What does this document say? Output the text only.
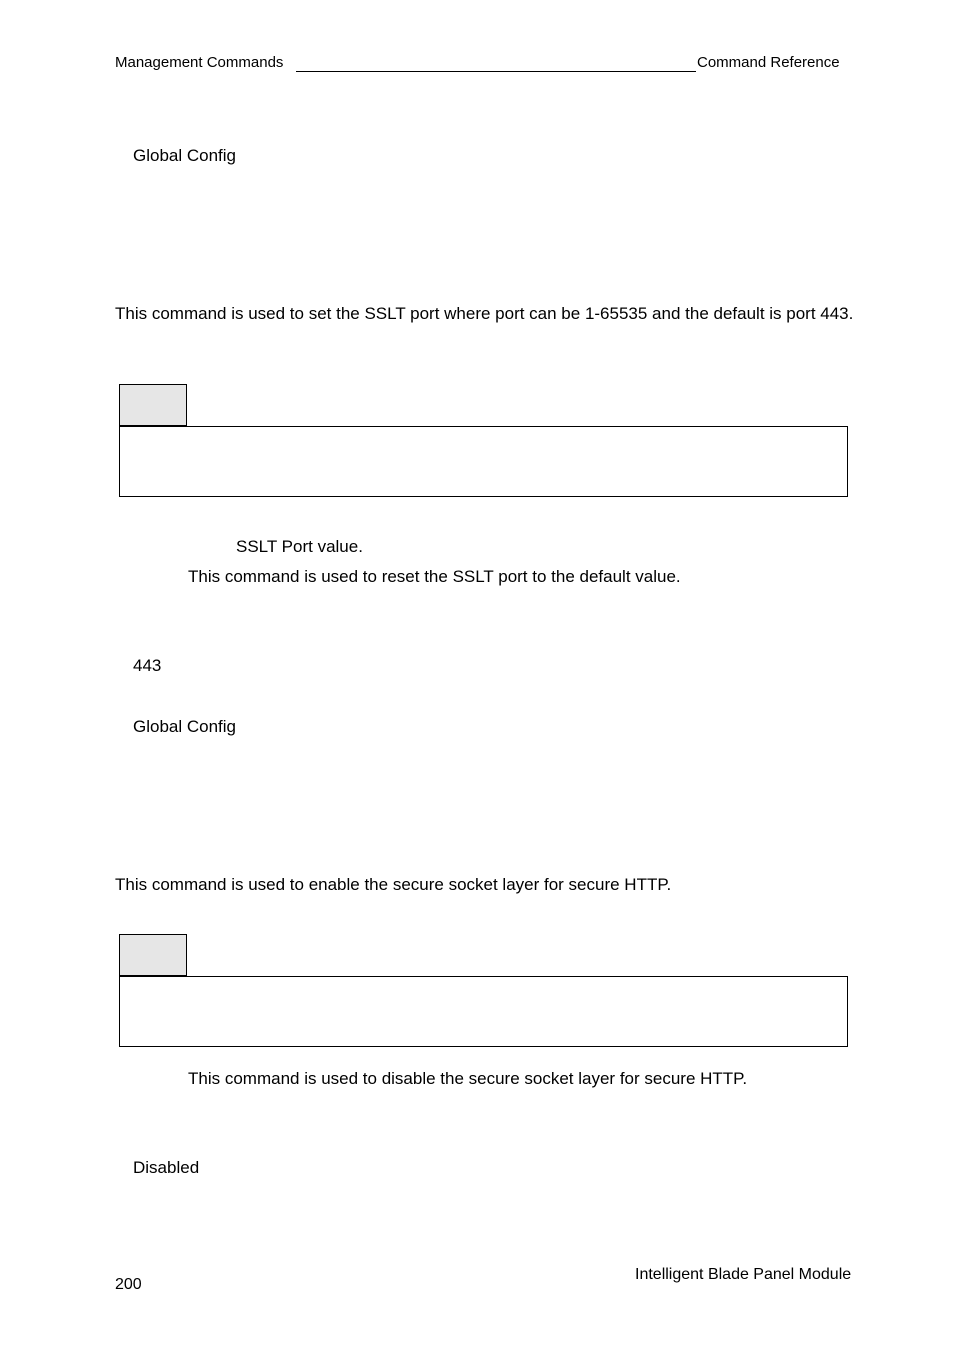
Management Commands	Command Reference
Global Config
This command is used to set the SSLT port where port can be 1-65535 and the default is port 443.
SSLT Port value.
This command is used to reset the SSLT port to the default value.
443
Global Config
This command is used to enable the secure socket layer for secure HTTP.
This command is used to disable the secure socket layer for secure HTTP.
Disabled
Intelligent Blade Panel Module
200
